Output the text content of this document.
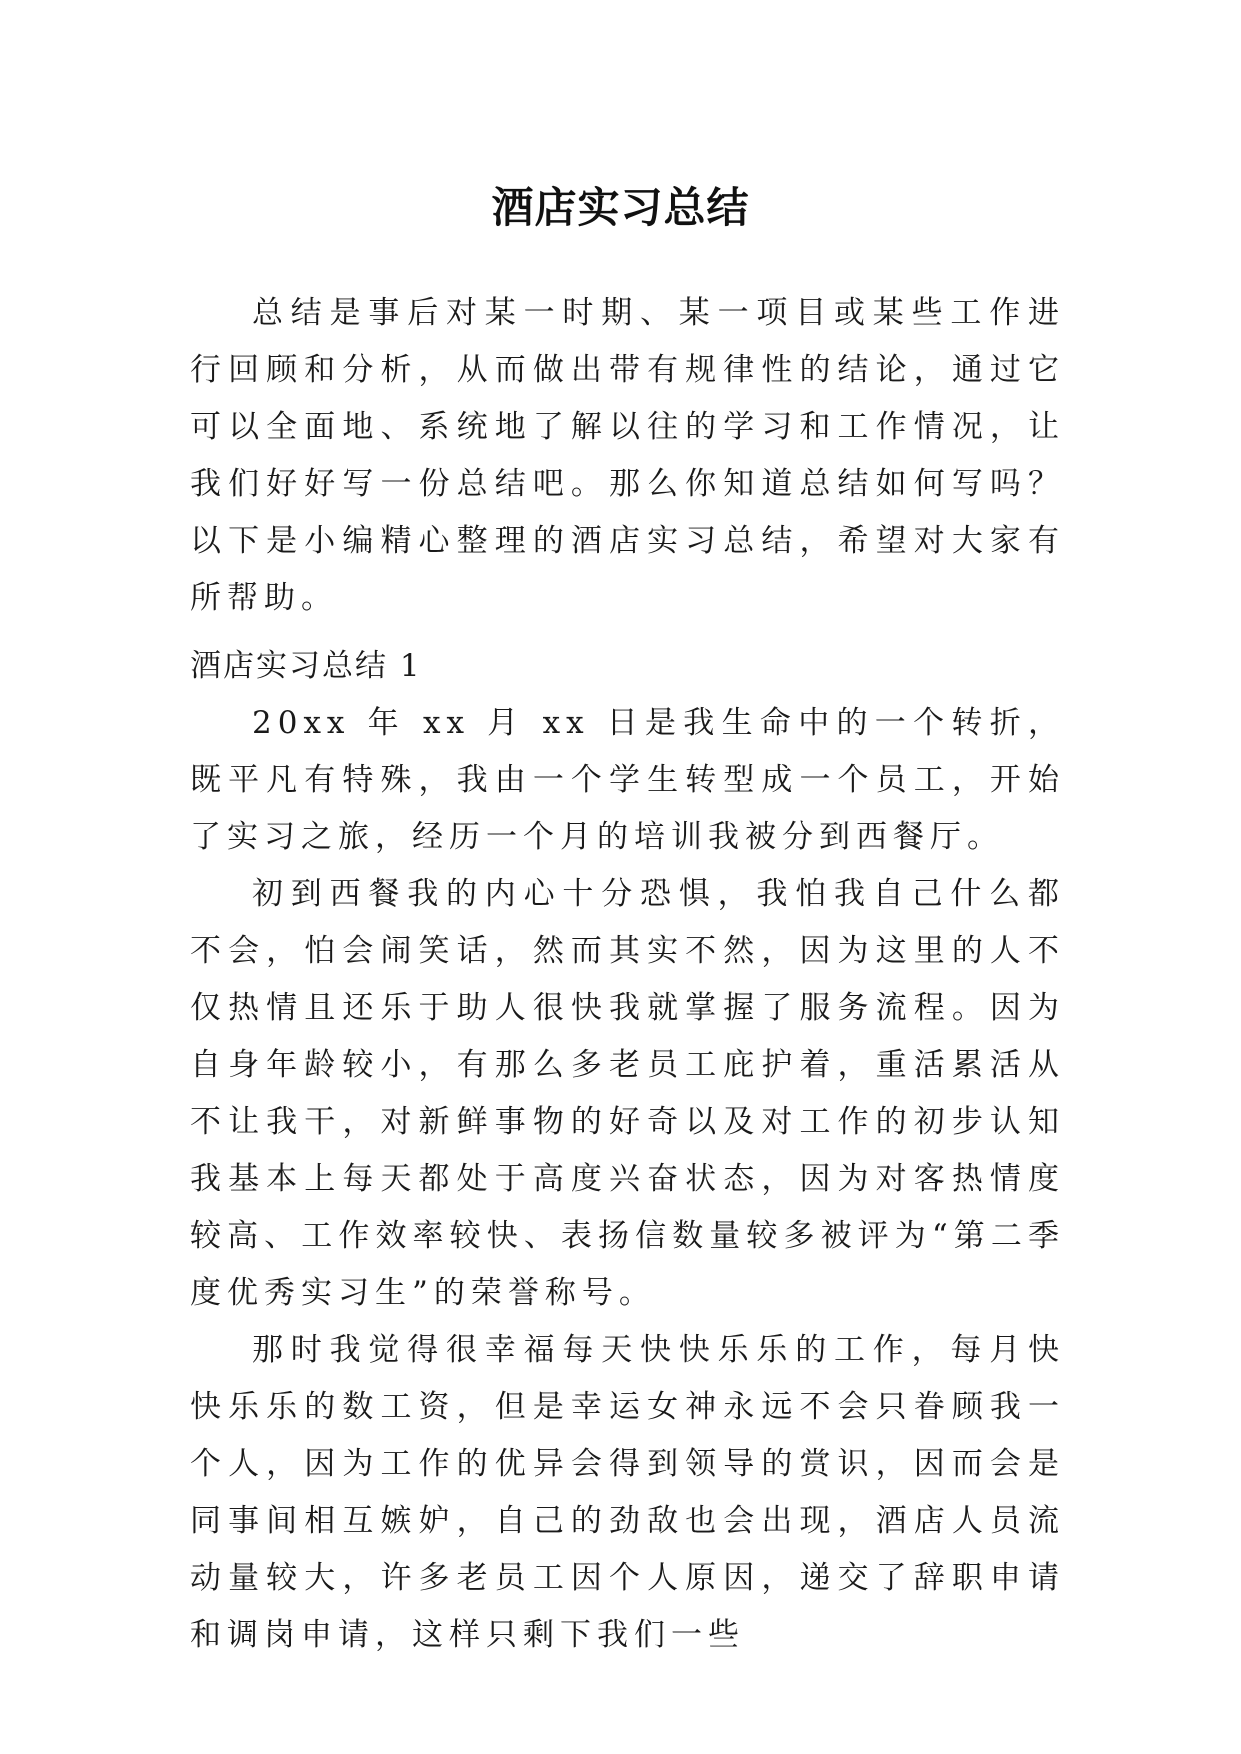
酒店实习总结

总结是事后对某一时期、某一项目或某些工作进行回顾和分析，从而做出带有规律性的结论，通过它可以全面地、系统地了解以往的学习和工作情况，让我们好好写一份总结吧。那么你知道总结如何写吗？以下是小编精心整理的酒店实习总结，希望对大家有所帮助。

酒店实习总结 1

20xx 年 xx 月 xx 日是我生命中的一个转折，既平凡有特殊，我由一个学生转型成一个员工，开始了实习之旅，经历一个月的培训我被分到西餐厅。

初到西餐我的内心十分恐惧，我怕我自己什么都不会，怕会闹笑话，然而其实不然，因为这里的人不仅热情且还乐于助人很快我就掌握了服务流程。因为自身年龄较小，有那么多老员工庇护着，重活累活从不让我干，对新鲜事物的好奇以及对工作的初步认知我基本上每天都处于高度兴奋状态，因为对客热情度较高、工作效率较快、表扬信数量较多被评为“第二季度优秀实习生”的荣誉称号。

那时我觉得很幸福每天快快乐乐的工作，每月快快乐乐的数工资，但是幸运女神永远不会只眷顾我一个人，因为工作的优异会得到领导的赏识，因而会是同事间相互嫉妒，自己的劲敌也会出现，酒店人员流动量较大，许多老员工因个人原因，递交了辞职申请和调岗申请，这样只剩下我们一些
